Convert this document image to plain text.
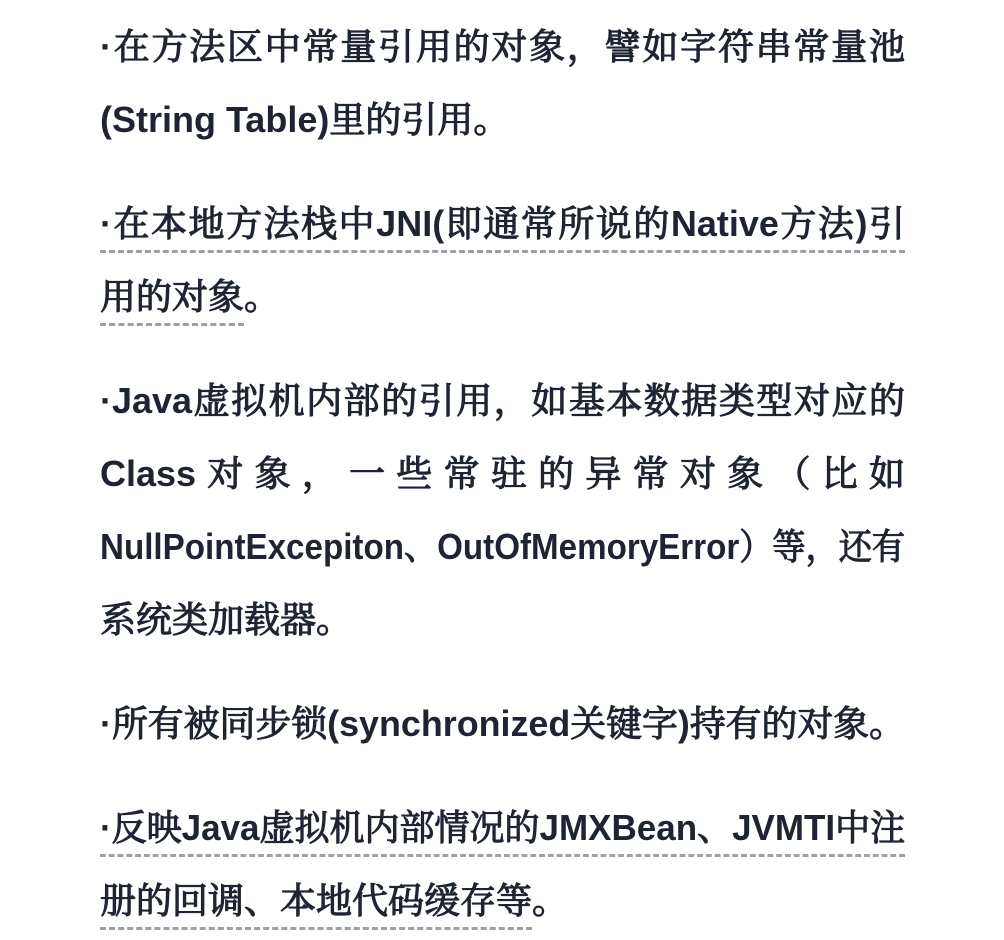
·在方法区中常量引用的对象，譬如字符串常量池
(String Table)里的引用。
·在本地方法栈中JNI(即通常所说的Native方法)引
用的对象。
·Java虚拟机内部的引用，如基本数据类型对应的
Class对象，一些常驻的异常对象（比如
NullPointExcepiton、OutOfMemoryError）等，还有
系统类加载器。
·所有被同步锁(synchronized关键字)持有的对象。
·反映Java虚拟机内部情况的JMXBean、JVMTI中注
册的回调、本地代码缓存等。
